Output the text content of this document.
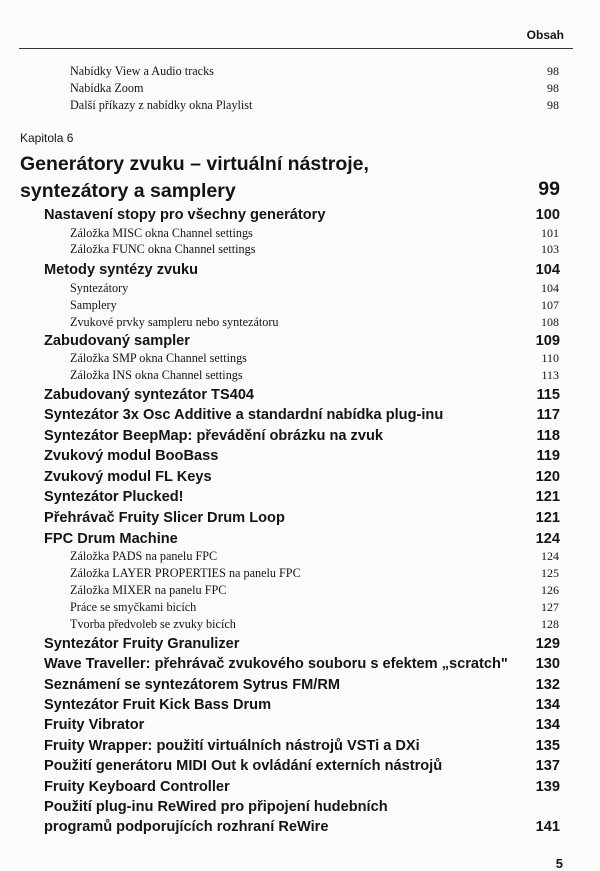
Obsah
Nabídky View a Audio tracks	98
Nabídka Zoom	98
Další příkazy z nabídky okna Playlist	98
Kapitola 6
Generátory zvuku – virtuální nástroje,
syntezátory a samplery	99
Nastavení stopy pro všechny generátory	100
Záložka MISC okna Channel settings	101
Záložka FUNC okna Channel settings	103
Metody syntézy zvuku	104
Syntezátory	104
Samplery	107
Zvukové prvky sampleru nebo syntezátoru	108
Zabudovaný sampler	109
Záložka SMP okna Channel settings	110
Záložka INS okna Channel settings	113
Zabudovaný syntezátor TS404	115
Syntezátor 3x Osc Additive a standardní nabídka plug-inu	117
Syntezátor BeepMap: převádění obrázku na zvuk	118
Zvukový modul BooBass	119
Zvukový modul FL Keys	120
Syntezátor Plucked!	121
Přehrávač Fruity Slicer Drum Loop	121
FPC Drum Machine	124
Záložka PADS na panelu FPC	124
Záložka LAYER PROPERTIES na panelu FPC	125
Záložka MIXER na panelu FPC	126
Práce se smyčkami bicích	127
Tvorba předvoleb se zvuky bicích	128
Syntezátor Fruity Granulizer	129
Wave Traveller: přehrávač zvukového souboru s efektem „scratch" 130
Seznámení se syntezátorem Sytrus FM/RM	132
Syntezátor Fruit Kick Bass Drum	134
Fruity Vibrator	134
Fruity Wrapper: použití virtuálních nástrojů VSTi a DXi	135
Použití generátoru MIDI Out k ovládání externích nástrojů	137
Fruity Keyboard Controller	139
Použití plug-inu ReWired pro připojení hudebních
programů podporujících rozhraní ReWire	141
5
